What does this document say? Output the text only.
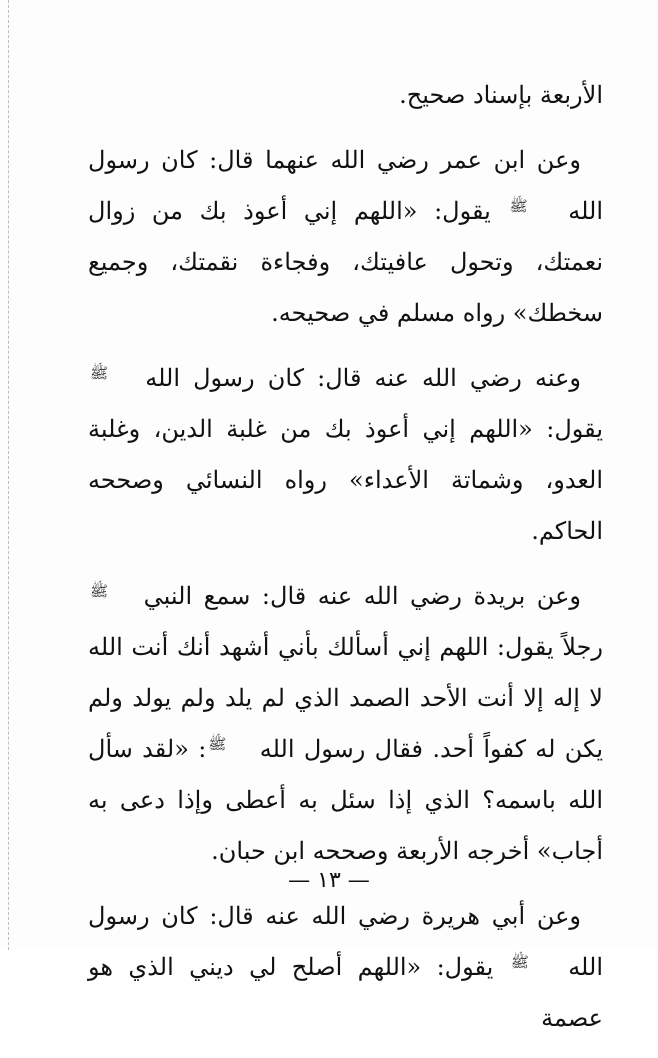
الأربعة بإسناد صحيح.

وعن ابن عمر رضي الله عنهما قال: كان رسول الله ﷺ يقول: «اللهم إني أعوذ بك من زوال نعمتك، وتحول عافيتك، وفجاءة نقمتك، وجميع سخطك» رواه مسلم في صحيحه.

وعنه رضي الله عنه قال: كان رسول الله ﷺ يقول: «اللهم إني أعوذ بك من غلبة الدين، وغلبة العدو، وشماتة الأعداء» رواه النسائي وصححه الحاكم.

وعن بريدة رضي الله عنه قال: سمع النبي ﷺ رجلاً يقول: اللهم إني أسألك بأني أشهد أنك أنت الله لا إله إلا أنت الأحد الصمد الذي لم يلد ولم يولد ولم يكن له كفواً أحد. فقال رسول الله ﷺ: «لقد سأل الله باسمه؟ الذي إذا سئل به أعطى وإذا دعى به أجاب» أخرجه الأربعة وصححه ابن حبان.

وعن أبي هريرة رضي الله عنه قال: كان رسول الله ﷺ يقول: «اللهم أصلح لي ديني الذي هو عصمة

— ١٣ —
